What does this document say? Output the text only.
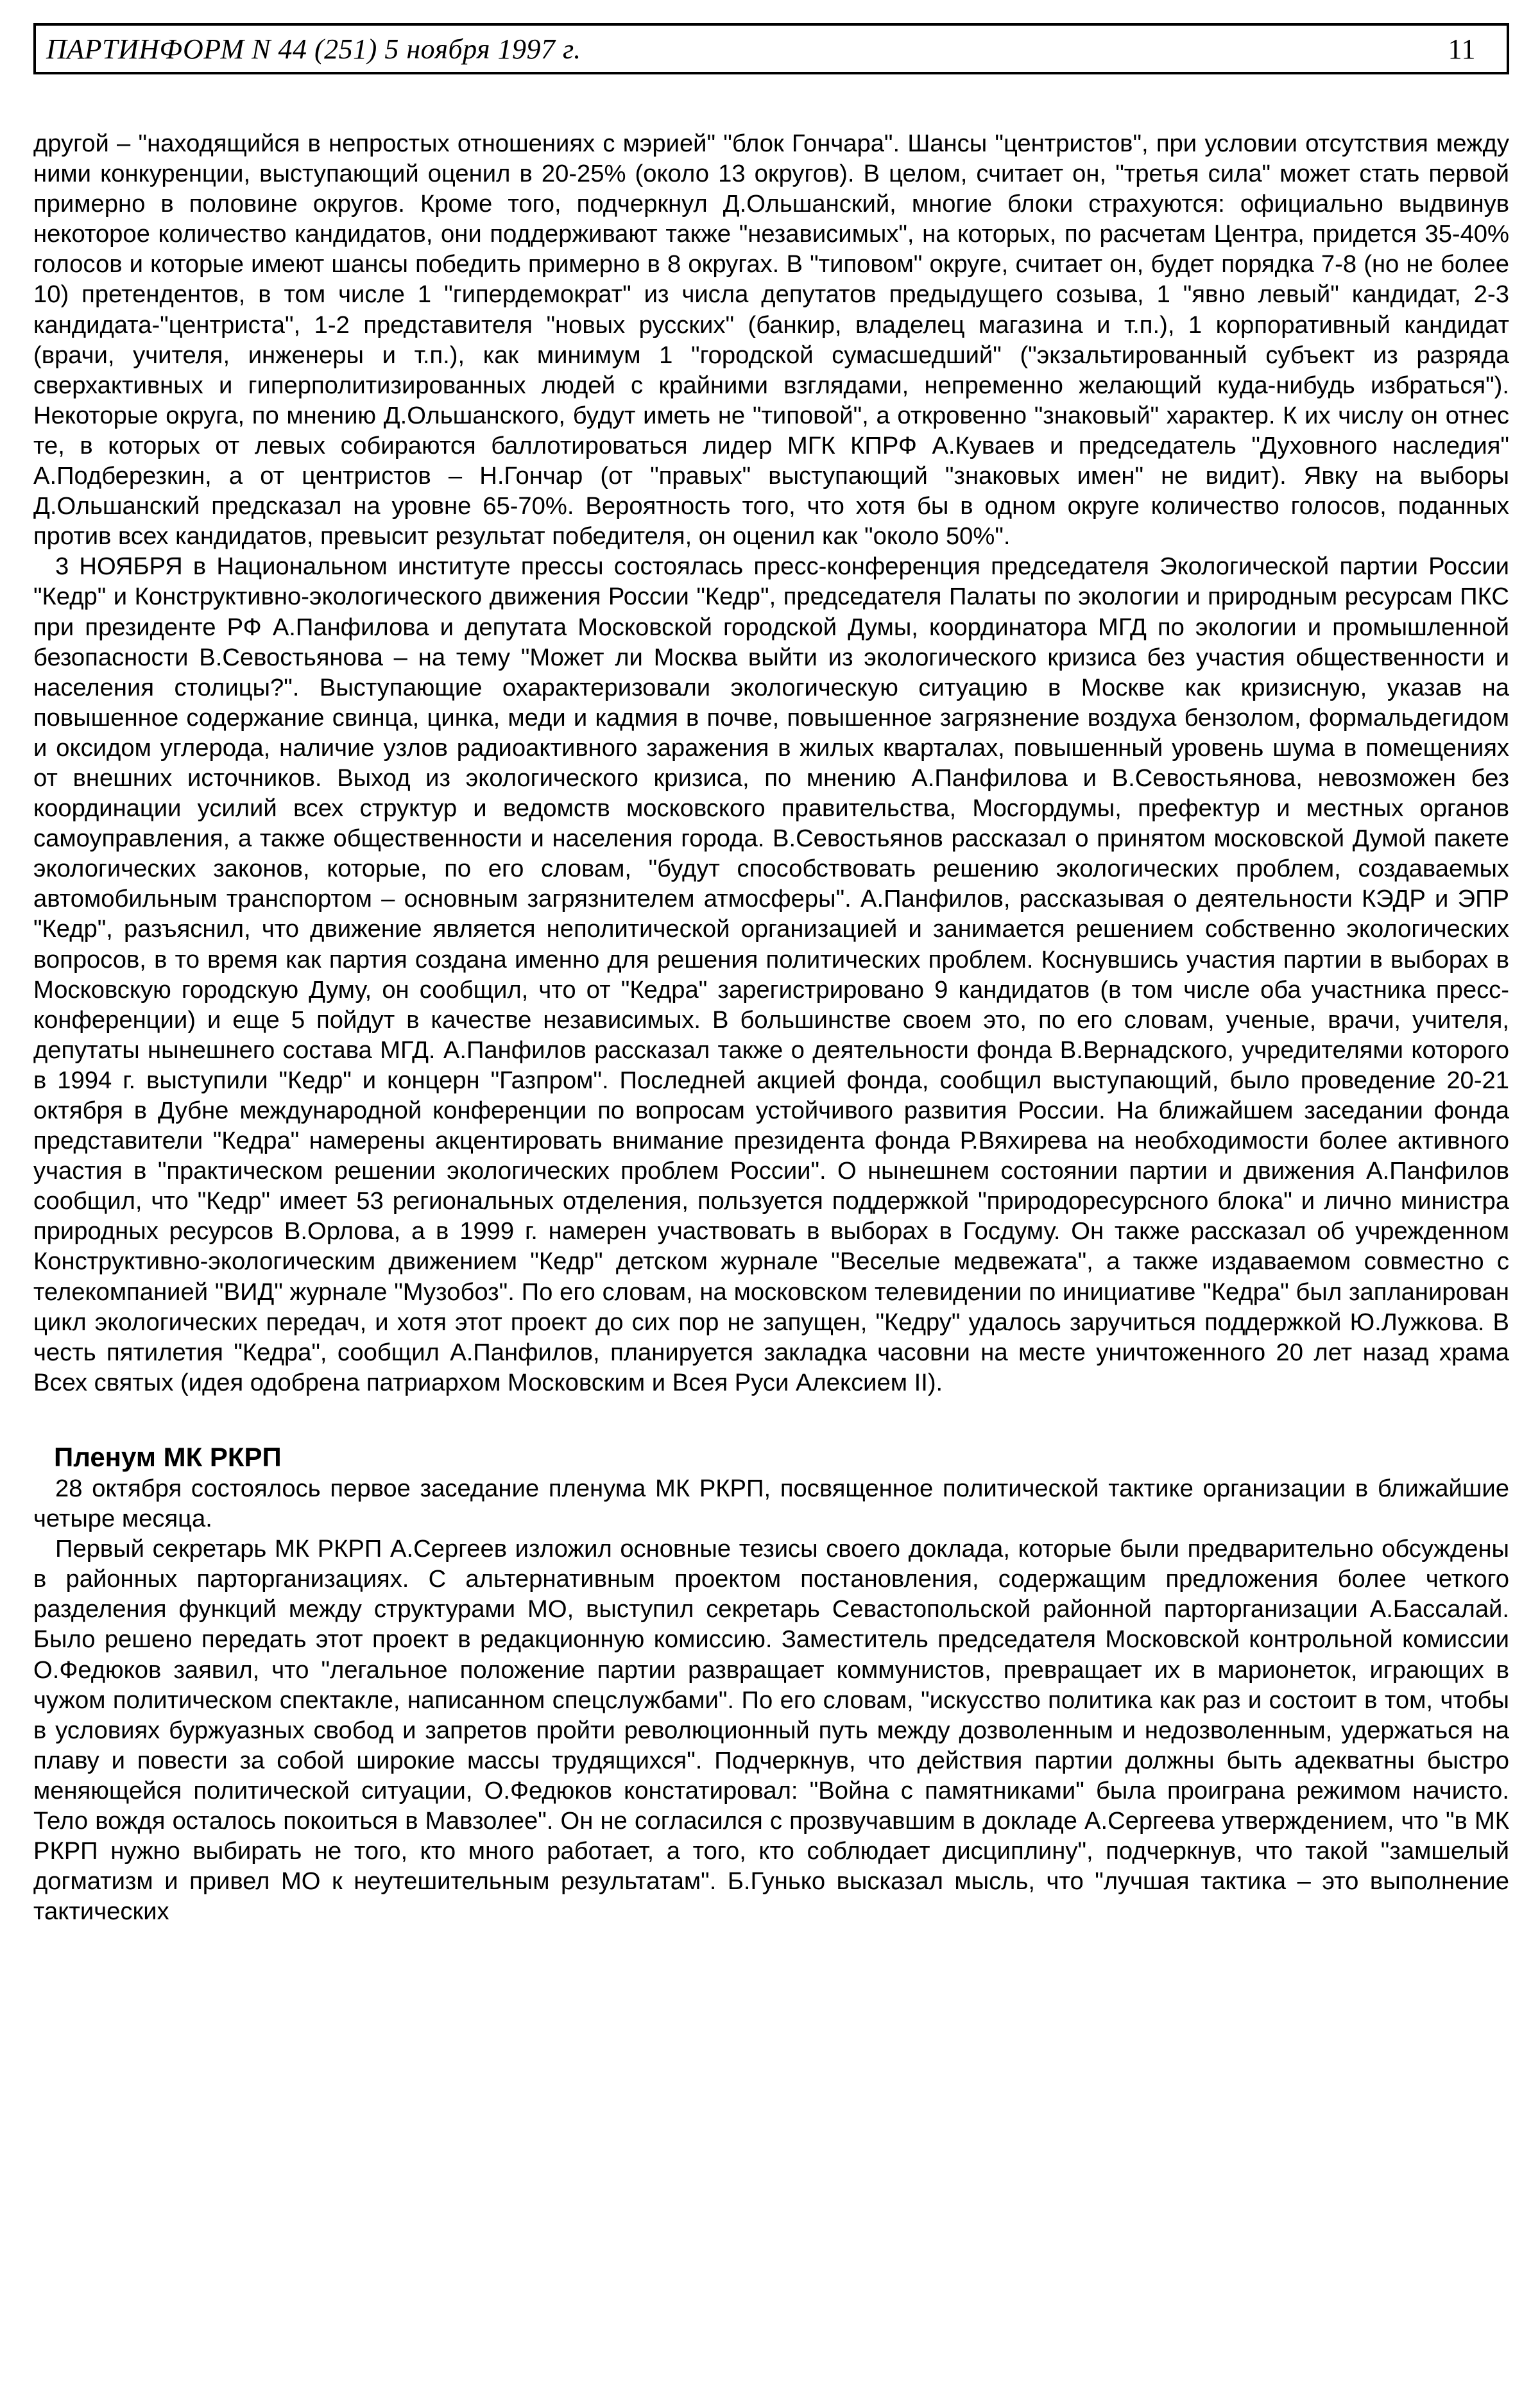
ПАРТИНФОРМ N 44 (251) 5 ноября 1997 г.	11

другой – "находящийся в непростых отношениях с мэрией" "блок Гончара". Шансы "центристов", при условии отсутствия между ними конкуренции, выступающий оценил в 20-25% (около 13 округов). В целом, считает он, "третья сила" может стать первой примерно в половине округов. Кроме того, подчеркнул Д.Ольшанский, многие блоки страхуются: официально выдвинув некоторое количество кандидатов, они поддерживают также "независимых", на которых, по расчетам Центра, придется 35-40% голосов и которые имеют шансы победить примерно в 8 округах. В "типовом" округе, считает он, будет порядка 7-8 (но не более 10) претендентов, в том числе 1 "гипердемократ" из числа депутатов предыдущего созыва, 1 "явно левый" кандидат, 2-3 кандидата-"центриста", 1-2 представителя "новых русских" (банкир, владелец магазина и т.п.), 1 корпоративный кандидат (врачи, учителя, инженеры и т.п.), как минимум 1 "городской сумасшедший" ("экзальтированный субъект из разряда сверхактивных и гиперполитизированных людей с крайними взглядами, непременно желающий куда-нибудь избраться"). Некоторые округа, по мнению Д.Ольшанского, будут иметь не "типовой", а откровенно "знаковый" характер. К их числу он отнес те, в которых от левых собираются баллотироваться лидер МГК КПРФ А.Куваев и председатель "Духовного наследия" А.Подберезкин, а от центристов – Н.Гончар (от "правых" выступающий "знаковых имен" не видит). Явку на выборы Д.Ольшанский предсказал на уровне 65-70%. Вероятность того, что хотя бы в одном округе количество голосов, поданных против всех кандидатов, превысит результат победителя, он оценил как "около 50%".

3 НОЯБРЯ в Национальном институте прессы состоялась пресс-конференция председателя Экологической партии России "Кедр" и Конструктивно-экологического движения России "Кедр", председателя Палаты по экологии и природным ресурсам ПКС при президенте РФ А.Панфилова и депутата Московской городской Думы, координатора МГД по экологии и промышленной безопасности В.Севостьянова – на тему "Может ли Москва выйти из экологического кризиса без участия общественности и населения столицы?". Выступающие охарактеризовали экологическую ситуацию в Москве как кризисную, указав на повышенное содержание свинца, цинка, меди и кадмия в почве, повышенное загрязнение воздуха бензолом, формальдегидом и оксидом углерода, наличие узлов радиоактивного заражения в жилых кварталах, повышенный уровень шума в помещениях от внешних источников. Выход из экологического кризиса, по мнению А.Панфилова и В.Севостьянова, невозможен без координации усилий всех структур и ведомств московского правительства, Мосгордумы, префектур и местных органов самоуправления, а также общественности и населения города. В.Севостьянов рассказал о принятом московской Думой пакете экологических законов, которые, по его словам, "будут способствовать решению экологических проблем, создаваемых автомобильным транспортом – основным загрязнителем атмосферы". А.Панфилов, рассказывая о деятельности КЭДР и ЭПР "Кедр", разъяснил, что движение является неполитической организацией и занимается решением собственно экологических вопросов, в то время как партия создана именно для решения политических проблем. Коснувшись участия партии в выборах в Московскую городскую Думу, он сообщил, что от "Кедра" зарегистрировано 9 кандидатов (в том числе оба участника пресс-конференции) и еще 5 пойдут в качестве независимых. В большинстве своем это, по его словам, ученые, врачи, учителя, депутаты нынешнего состава МГД. А.Панфилов рассказал также о деятельности фонда В.Вернадского, учредителями которого в 1994 г. выступили "Кедр" и концерн "Газпром". Последней акцией фонда, сообщил выступающий, было проведение 20-21 октября в Дубне международной конференции по вопросам устойчивого развития России. На ближайшем заседании фонда представители "Кедра" намерены акцентировать внимание президента фонда Р.Вяхирева на необходимости более активного участия в "практическом решении экологических проблем России". О нынешнем состоянии партии и движения А.Панфилов сообщил, что "Кедр" имеет 53 региональных отделения, пользуется поддержкой "природоресурсного блока" и лично министра природных ресурсов В.Орлова, а в 1999 г. намерен участвовать в выборах в Госдуму. Он также рассказал об учрежденном Конструктивно-экологическим движением "Кедр" детском журнале "Веселые медвежата", а также издаваемом совместно с телекомпанией "ВИД" журнале "Музобоз". По его словам, на московском телевидении по инициативе "Кедра" был запланирован цикл экологических передач, и хотя этот проект до сих пор не запущен, "Кедру" удалось заручиться поддержкой Ю.Лужкова. В честь пятилетия "Кедра", сообщил А.Панфилов, планируется закладка часовни на месте уничтоженного 20 лет назад храма Всех святых (идея одобрена патриархом Московским и Всея Руси Алексием II).

Пленум МК РКРП

28 октября состоялось первое заседание пленума МК РКРП, посвященное политической тактике организации в ближайшие четыре месяца.

Первый секретарь МК РКРП А.Сергеев изложил основные тезисы своего доклада, которые были предварительно обсуждены в районных парторганизациях. С альтернативным проектом постановления, содержащим предложения более четкого разделения функций между структурами МО, выступил секретарь Севастопольской районной парторганизации А.Бассалай. Было решено передать этот проект в редакционную комиссию. Заместитель председателя Московской контрольной комиссии О.Федюков заявил, что "легальное положение партии развращает коммунистов, превращает их в марионеток, играющих в чужом политическом спектакле, написанном спецслужбами". По его словам, "искусство политика как раз и состоит в том, чтобы в условиях буржуазных свобод и запретов пройти революционный путь между дозволенным и недозволенным, удержаться на плаву и повести за собой широкие массы трудящихся". Подчеркнув, что действия партии должны быть адекватны быстро меняющейся политической ситуации, О.Федюков констатировал: "Война с памятниками" была проиграна режимом начисто. Тело вождя осталось покоиться в Мавзолее". Он не согласился с прозвучавшим в докладе А.Сергеева утверждением, что "в МК РКРП нужно выбирать не того, кто много работает, а того, кто соблюдает дисциплину", подчеркнув, что такой "замшелый догматизм и привел МО к неутешительным результатам". Б.Гунько высказал мысль, что "лучшая тактика – это выполнение тактических
